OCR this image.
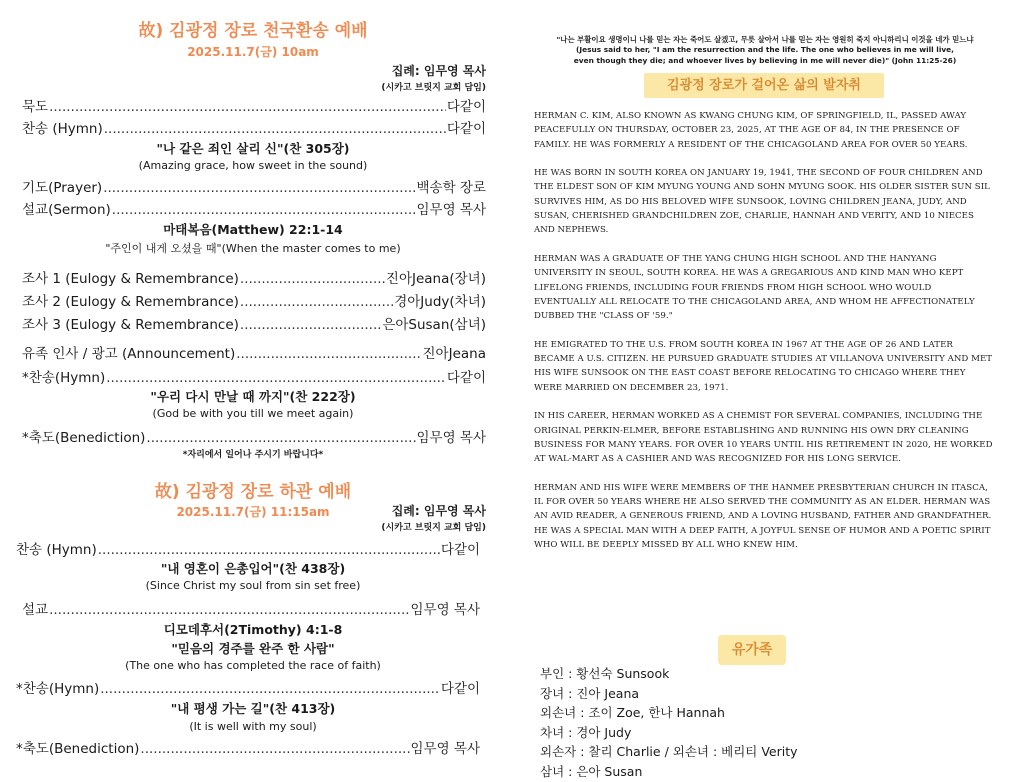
故) 김광정 장로 천국환송 예배
2025.11.7(금) 10am
집례: 임무영 목사
(시카고 브릿지 교회 담임)
묵도 .....	다같이
찬송 (Hymn) .....	다같이
"나 같은 죄인 살리 신"(찬 305장)
(Amazing grace, how sweet in the sound)
기도(Prayer) .....	백송학 장로
설교(Sermon) .....	임무영 목사
마태복음(Matthew) 22:1-14
"주인이 내게 오셨을 때"(When the master comes to me)
조사 1 (Eulogy & Remembrance) .....	진아Jeana(장녀)
조사 2 (Eulogy & Remembrance) .....	경아Judy(차녀)
조사 3 (Eulogy & Remembrance) .....	은아Susan(삼녀)
유족 인사 / 광고 (Announcement) .....	진아Jeana
*찬송(Hymn) .....	다같이
"우리 다시 만날 때 까지"(찬 222장)
(God be with you till we meet again)
*축도(Benediction) .....	임무영 목사
*자리에서 일어나 주시기 바랍니다*
故) 김광정 장로 하관 예배
집례: 임무영 목사
2025.11.7(금) 11:15am
(시카고 브릿지 교회 담임)
찬송 (Hymn) .....	다같이
"내 영혼이 은총입어"(찬 438장)
(Since Christ my soul from sin set free)
설교 .....	임무영 목사
디모데후서(2Timothy) 4:1-8
"믿음의 경주를 완주 한 사람"
(The one who has completed the race of faith)
*찬송(Hymn) .....	다같이
"내 평생 가는 길"(찬 413장)
(It is well with my soul)
*축도(Benediction) .....	임무영 목사
"나는 부활이요 생명이니 나를 믿는 자는 죽어도 살겠고, 무릇 살아서 나를 믿는 자는 영원히 죽지 아니하리니 이것을 네가 믿느냐
(Jesus said to her, "I am the resurrection and the life. The one who believes in me will live,
even though they die; and whoever lives by believing in me will never die)" (John 11:25-26)
김광정 장로가 걸어온 삶의 발자취

HERMAN C. KIM, ALSO KNOWN AS KWANG CHUNG KIM, OF SPRINGFIELD, IL, PASSED AWAY PEACEFULLY ON THURSDAY, OCTOBER 23, 2025, AT THE AGE OF 84, IN THE PRESENCE OF FAMILY. HE WAS FORMERLY A RESIDENT OF THE CHICAGOLAND AREA FOR OVER 50 YEARS.

HE WAS BORN IN SOUTH KOREA ON JANUARY 19, 1941, THE SECOND OF FOUR CHILDREN AND THE ELDEST SON OF KIM MYUNG YOUNG AND SOHN MYUNG SOOK. HIS OLDER SISTER SUN SIL SURVIVES HIM, AS DO HIS BELOVED WIFE SUNSOOK, LOVING CHILDREN JEANA, JUDY, AND SUSAN, CHERISHED GRANDCHILDREN ZOE, CHARLIE, HANNAH AND VERITY, AND 10 NIECES AND NEPHEWS.

HERMAN WAS A GRADUATE OF THE YANG CHUNG HIGH SCHOOL AND THE HANYANG UNIVERSITY IN SEOUL, SOUTH KOREA. HE WAS A GREGARIOUS AND KIND MAN WHO KEPT LIFELONG FRIENDS, INCLUDING FOUR FRIENDS FROM HIGH SCHOOL WHO WOULD EVENTUALLY ALL RELOCATE TO THE CHICAGOLAND AREA, AND WHOM HE AFFECTIONATELY DUBBED THE "CLASS OF '59."

HE EMIGRATED TO THE U.S. FROM SOUTH KOREA IN 1967 AT THE AGE OF 26 AND LATER BECAME A U.S. CITIZEN. HE PURSUED GRADUATE STUDIES AT VILLANOVA UNIVERSITY AND MET HIS WIFE SUNSOOK ON THE EAST COAST BEFORE RELOCATING TO CHICAGO WHERE THEY WERE MARRIED ON DECEMBER 23, 1971.

IN HIS CAREER, HERMAN WORKED AS A CHEMIST FOR SEVERAL COMPANIES, INCLUDING THE ORIGINAL PERKIN-ELMER, BEFORE ESTABLISHING AND RUNNING HIS OWN DRY CLEANING BUSINESS FOR MANY YEARS. FOR OVER 10 YEARS UNTIL HIS RETIREMENT IN 2020, HE WORKED AT WAL-MART AS A CASHIER AND WAS RECOGNIZED FOR HIS LONG SERVICE.

HERMAN AND HIS WIFE WERE MEMBERS OF THE HANMEE PRESBYTERIAN CHURCH IN ITASCA, IL FOR OVER 50 YEARS WHERE HE ALSO SERVED THE COMMUNITY AS AN ELDER. HERMAN WAS AN AVID READER, A GENEROUS FRIEND, AND A LOVING HUSBAND, FATHER AND GRANDFATHER. HE WAS A SPECIAL MAN WITH A DEEP FAITH, A JOYFUL SENSE OF HUMOR AND A POETIC SPIRIT WHO WILL BE DEEPLY MISSED BY ALL WHO KNEW HIM.

유가족
부인 : 황선숙 Sunsook
장녀 : 진아 Jeana
외손녀 : 조이 Zoe, 한나 Hannah
차녀 : 경아 Judy
외손자 : 찰리 Charlie / 외손녀 : 베리티 Verity
삼녀 : 은아 Susan
